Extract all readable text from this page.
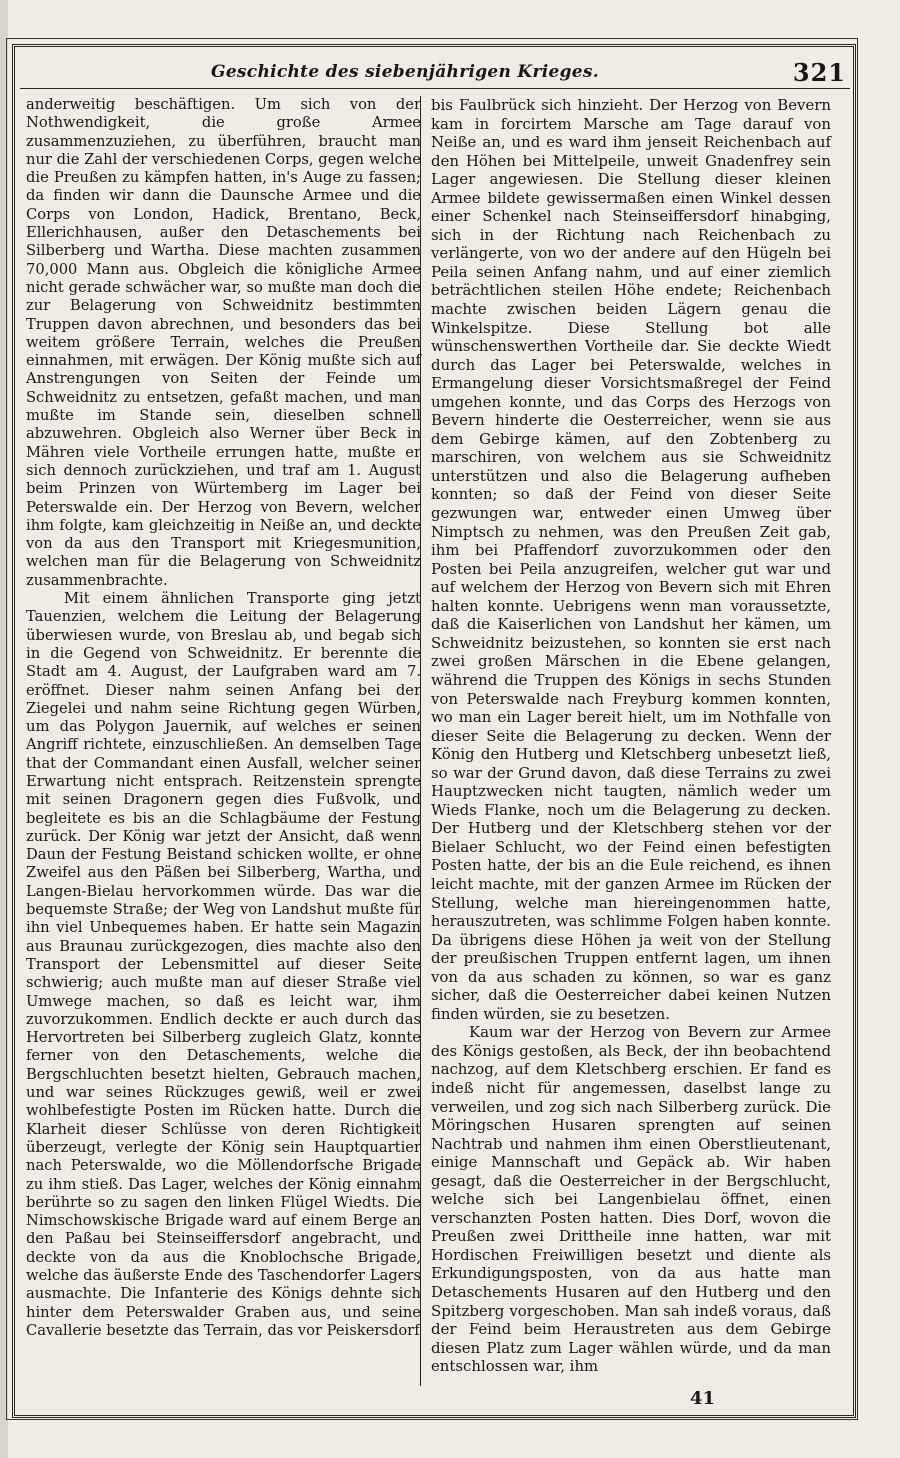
Geschichte des siebenjährigen Krieges.	321

anderweitig beschäftigen. Um sich von der Nothwendigkeit, die große Armee zusammenzuziehen, zu überführen, braucht man nur die Zahl der verschiedenen Corps, gegen welche die Preußen zu kämpfen hatten, in's Auge zu fassen; da finden wir dann die Daunsche Armee und die Corps von London, Hadick, Brentano, Beck, Ellerichhausen, außer den Detaschements bei Silberberg und Wartha. Diese machten zusammen 70,000 Mann aus. Obgleich die königliche Armee nicht gerade schwächer war, so mußte man doch die zur Belagerung von Schweidnitz bestimmten Truppen davon abrechnen, und besonders das bei weitem größere Terrain, welches die Preußen einnahmen, mit erwägen. Der König mußte sich auf Anstrengungen von Seiten der Feinde um Schweidnitz zu entsetzen, gefaßt machen, und man mußte im Stande sein, dieselben schnell abzuwehren. Obgleich also Werner über Beck in Mähren viele Vortheile errungen hatte, mußte er sich dennoch zurückziehen, und traf am 1. August beim Prinzen von Würtemberg im Lager bei Peterswalde ein. Der Herzog von Bevern, welcher ihm folgte, kam gleichzeitig in Neiße an, und deckte von da aus den Transport mit Kriegesmunition, welchen man für die Belagerung von Schweidnitz zusammenbrachte.

Mit einem ähnlichen Transporte ging jetzt Tauenzien, welchem die Leitung der Belagerung überwiesen wurde, von Breslau ab, und begab sich in die Gegend von Schweidnitz. Er berennte die Stadt am 4. August, der Laufgraben ward am 7. eröffnet. Dieser nahm seinen Anfang bei der Ziegelei und nahm seine Richtung gegen Würben, um das Polygon Jauernik, auf welches er seinen Angriff richtete, einzuschließen. An demselben Tage that der Commandant einen Ausfall, welcher seiner Erwartung nicht entsprach. Reitzenstein sprengte mit seinen Dragonern gegen dies Fußvolk, und begleitete es bis an die Schlagbäume der Festung zurück. Der König war jetzt der Ansicht, daß wenn Daun der Festung Beistand schicken wollte, er ohne Zweifel aus den Päßen bei Silberberg, Wartha, und Langen-Bielau hervorkommen würde. Das war die bequemste Straße; der Weg von Landshut mußte für ihn viel Unbequemes haben. Er hatte sein Magazin aus Braunau zurückgezogen, dies machte also den Transport der Lebensmittel auf dieser Seite schwierig; auch mußte man auf dieser Straße viel Umwege machen, so daß es leicht war, ihm zuvorzukommen. Endlich deckte er auch durch das Hervortreten bei Silberberg zugleich Glatz, konnte ferner von den Detaschements, welche die Bergschluchten besetzt hielten, Gebrauch machen, und war seines Rückzuges gewiß, weil er zwei wohlbefestigte Posten im Rücken hatte. Durch die Klarheit dieser Schlüsse von deren Richtigkeit überzeugt, verlegte der König sein Hauptquartier nach Peterswalde, wo die Möllendorfsche Brigade zu ihm stieß. Das Lager, welches der König einnahm berührte so zu sagen den linken Flügel Wiedts. Die Nimschowskische Brigade ward auf einem Berge an den Paßau bei Steinseiffersdorf angebracht, und deckte von da aus die Knoblochsche Brigade, welche das äußerste Ende des Taschendorfer Lagers ausmachte. Die Infanterie des Königs dehnte sich hinter dem Peterswalder Graben aus, und seine Cavallerie besetzte das Terrain, das vor Peiskersdorf

bis Faulbrück sich hinzieht. Der Herzog von Bevern kam in forcirtem Marsche am Tage darauf von Neiße an, und es ward ihm jenseit Reichenbach auf den Höhen bei Mittelpeile, unweit Gnadenfrey sein Lager angewiesen. Die Stellung dieser kleinen Armee bildete gewissermaßen einen Winkel dessen einer Schenkel nach Steinseiffersdorf hinabging, sich in der Richtung nach Reichenbach zu verlängerte, von wo der andere auf den Hügeln bei Peila seinen Anfang nahm, und auf einer ziemlich beträchtlichen steilen Höhe endete; Reichenbach machte zwischen beiden Lägern genau die Winkelspitze. Diese Stellung bot alle wünschenswerthen Vortheile dar. Sie deckte Wiedt durch das Lager bei Peterswalde, welches in Ermangelung dieser Vorsichtsmaßregel der Feind umgehen konnte, und das Corps des Herzogs von Bevern hinderte die Oesterreicher, wenn sie aus dem Gebirge kämen, auf den Zobtenberg zu marschiren, von welchem aus sie Schweidnitz unterstützen und also die Belagerung aufheben konnten; so daß der Feind von dieser Seite gezwungen war, entweder einen Umweg über Nimptsch zu nehmen, was den Preußen Zeit gab, ihm bei Pfaffendorf zuvorzukommen oder den Posten bei Peila anzugreifen, welcher gut war und auf welchem der Herzog von Bevern sich mit Ehren halten konnte. Uebrigens wenn man voraussetzte, daß die Kaiserlichen von Landshut her kämen, um Schweidnitz beizustehen, so konnten sie erst nach zwei großen Märschen in die Ebene gelangen, während die Truppen des Königs in sechs Stunden von Peterswalde nach Freyburg kommen konnten, wo man ein Lager bereit hielt, um im Nothfalle von dieser Seite die Belagerung zu decken. Wenn der König den Hutberg und Kletschberg unbesetzt ließ, so war der Grund davon, daß diese Terrains zu zwei Hauptzwecken nicht taugten, nämlich weder um Wieds Flanke, noch um die Belagerung zu decken. Der Hutberg und der Kletschberg stehen vor der Bielaer Schlucht, wo der Feind einen befestigten Posten hatte, der bis an die Eule reichend, es ihnen leicht machte, mit der ganzen Armee im Rücken der Stellung, welche man hiereingenommen hatte, herauszutreten, was schlimme Folgen haben konnte. Da übrigens diese Höhen ja weit von der Stellung der preußischen Truppen entfernt lagen, um ihnen von da aus schaden zu können, so war es ganz sicher, daß die Oesterreicher dabei keinen Nutzen finden würden, sie zu besetzen.

Kaum war der Herzog von Bevern zur Armee des Königs gestoßen, als Beck, der ihn beobachtend nachzog, auf dem Kletschberg erschien. Er fand es indeß nicht für angemessen, daselbst lange zu verweilen, und zog sich nach Silberberg zurück. Die Möringschen Husaren sprengten auf seinen Nachtrab und nahmen ihm einen Oberstlieutenant, einige Mannschaft und Gepäck ab. Wir haben gesagt, daß die Oesterreicher in der Bergschlucht, welche sich bei Langenbielau öffnet, einen verschanzten Posten hatten. Dies Dorf, wovon die Preußen zwei Drittheile inne hatten, war mit Hordischen Freiwilligen besetzt und diente als Erkundigungsposten, von da aus hatte man Detaschements Husaren auf den Hutberg und den Spitzberg vorgeschoben. Man sah indeß voraus, daß der Feind beim Heraustreten aus dem Gebirge diesen Platz zum Lager wählen würde, und da man entschlossen war, ihm

41
